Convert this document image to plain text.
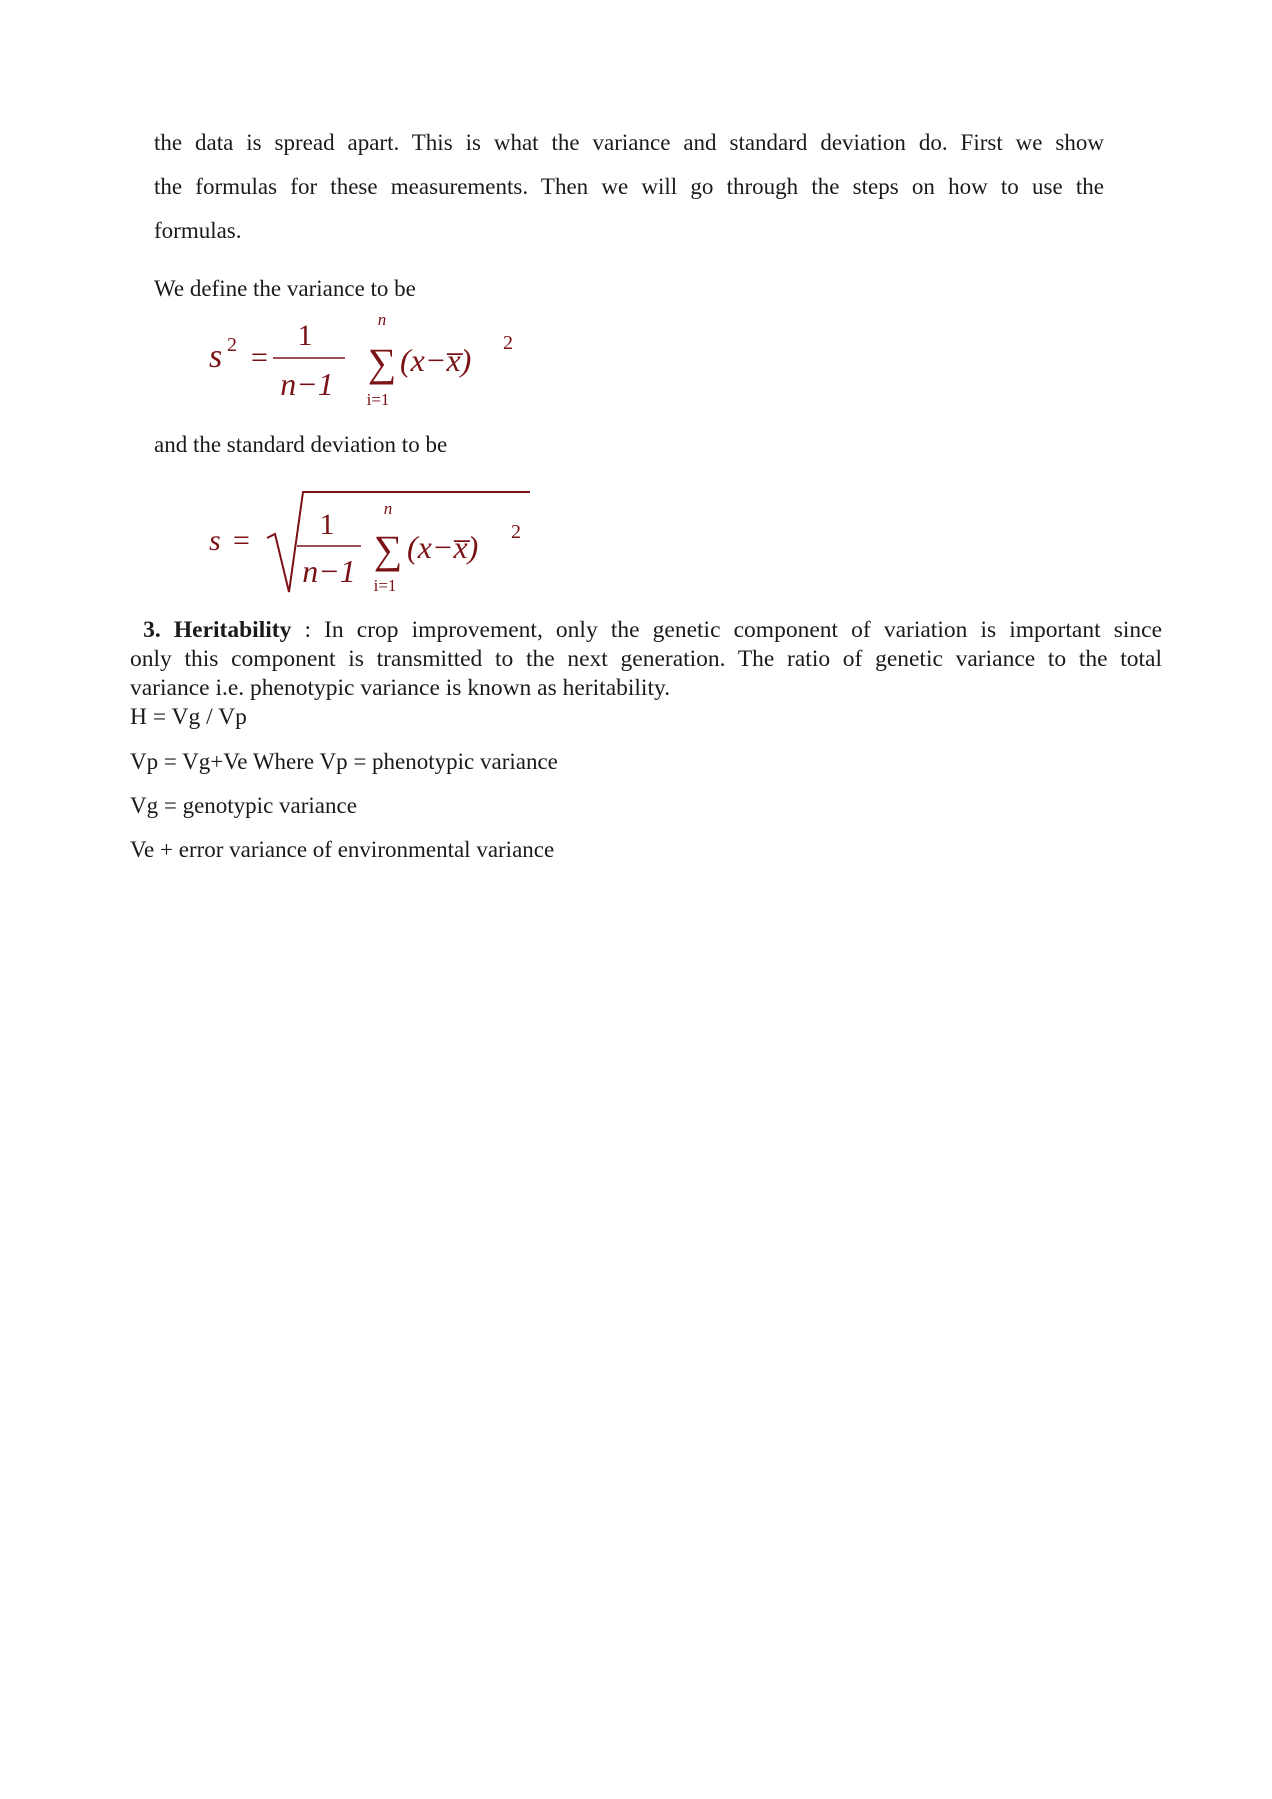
the data is spread apart. This is what the variance and standard deviation do. First we show
the formulas for these measurements. Then we will go through the steps on how to use the
formulas.

We define the variance to be

s 2 =
1
n−1
n
∑
i=1
(x−x̅) 2

and the standard deviation to be

s = 1
n−1
n
∑
i=1
(x−x̅) 2

3. Heritability : In crop improvement, only the genetic component of variation is important since
only this component is transmitted to the next generation. The ratio of genetic variance to the total
variance i.e. phenotypic variance is known as heritability.
H = Vg / Vp

Vp = Vg+Ve Where Vp = phenotypic variance

Vg = genotypic variance

Ve + error variance of environmental variance
